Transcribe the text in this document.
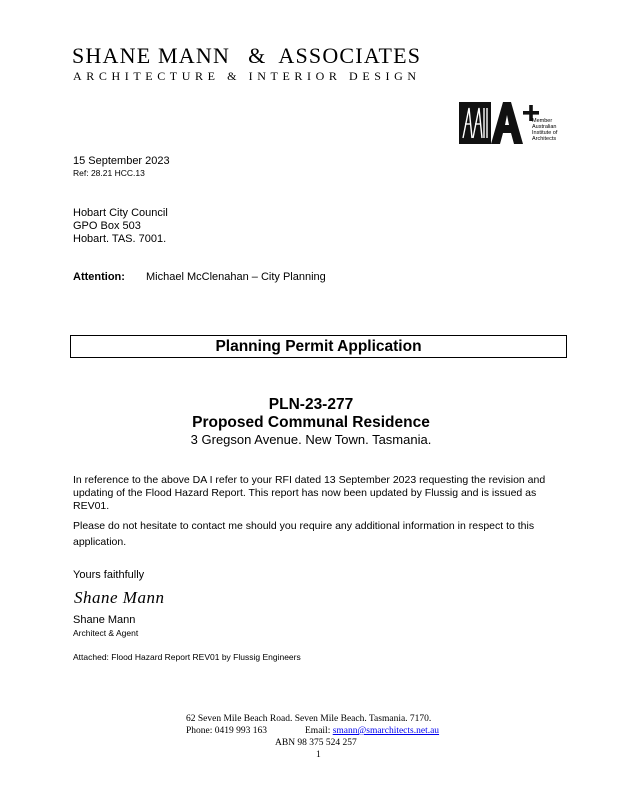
SHANE MANN & ASSOCIATES
ARCHITECTURE & INTERIOR DESIGN
Member
Australian
Institute of
Architects
15 September 2023
Ref: 28.21 HCC.13
Hobart City Council
GPO Box 503
Hobart. TAS. 7001.
Attention: Michael McClenahan – City Planning
Planning Permit Application
PLN-23-277
Proposed Communal Residence
3 Gregson Avenue. New Town. Tasmania.
In reference to the above DA I refer to your RFI dated 13 September 2023 requesting the revision and updating of the Flood Hazard Report. This report has now been updated by Flussig and is issued as REV01.
Please do not hesitate to contact me should you require any additional information in respect to this application.
Yours faithfully
Shane Mann
Shane Mann
Architect & Agent
Attached: Flood Hazard Report REV01 by Flussig Engineers
62 Seven Mile Beach Road. Seven Mile Beach. Tasmania. 7170.
Phone: 0419 993 163	Email: smann@smarchitects.net.au
ABN 98 375 524 257
1
